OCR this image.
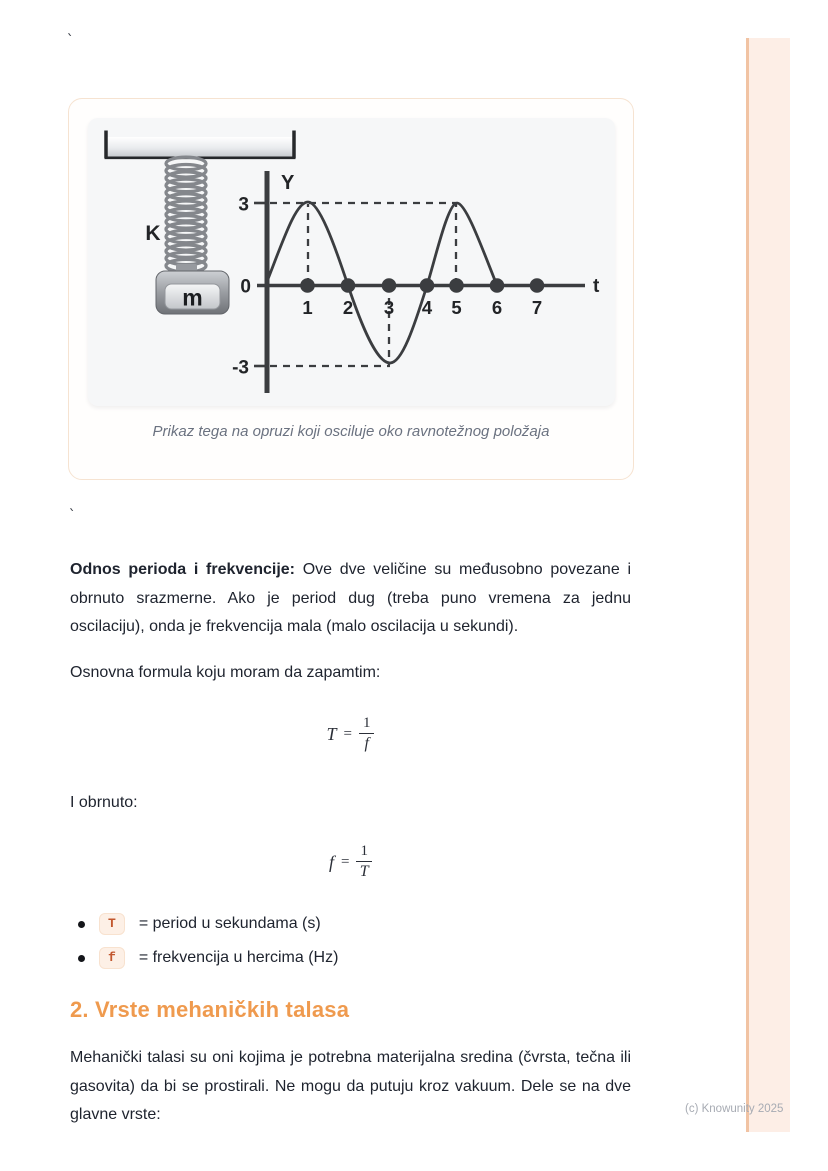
`
K
m
Y
t
3
0
-3
1 2 3 4 5 6 7
Prikaz tega na opruzi koji osciluje oko ravnotežnog položaja
`

Odnos perioda i frekvencije: Ove dve veličine su međusobno povezane i obrnuto srazmerne. Ako je period dug (treba puno vremena za jednu oscilaciju), onda je frekvencija mala (malo oscilacija u sekundi).

Osnovna formula koju moram da zapamtim:

$T = \frac{1}{f}$

I obrnuto:

$f = \frac{1}{T}$
T	= period u sekundama (s)
f	= frekvencija u hercima (Hz)
2. Vrste mehaničkih talasa

Mehanički talasi su oni kojima je potrebna materijalna sredina (čvrsta, tečna ili gasovita) da bi se prostirali. Ne mogu da putuju kroz vakuum. Dele se na dve glavne vrste:	(c) Knowunity 2025
